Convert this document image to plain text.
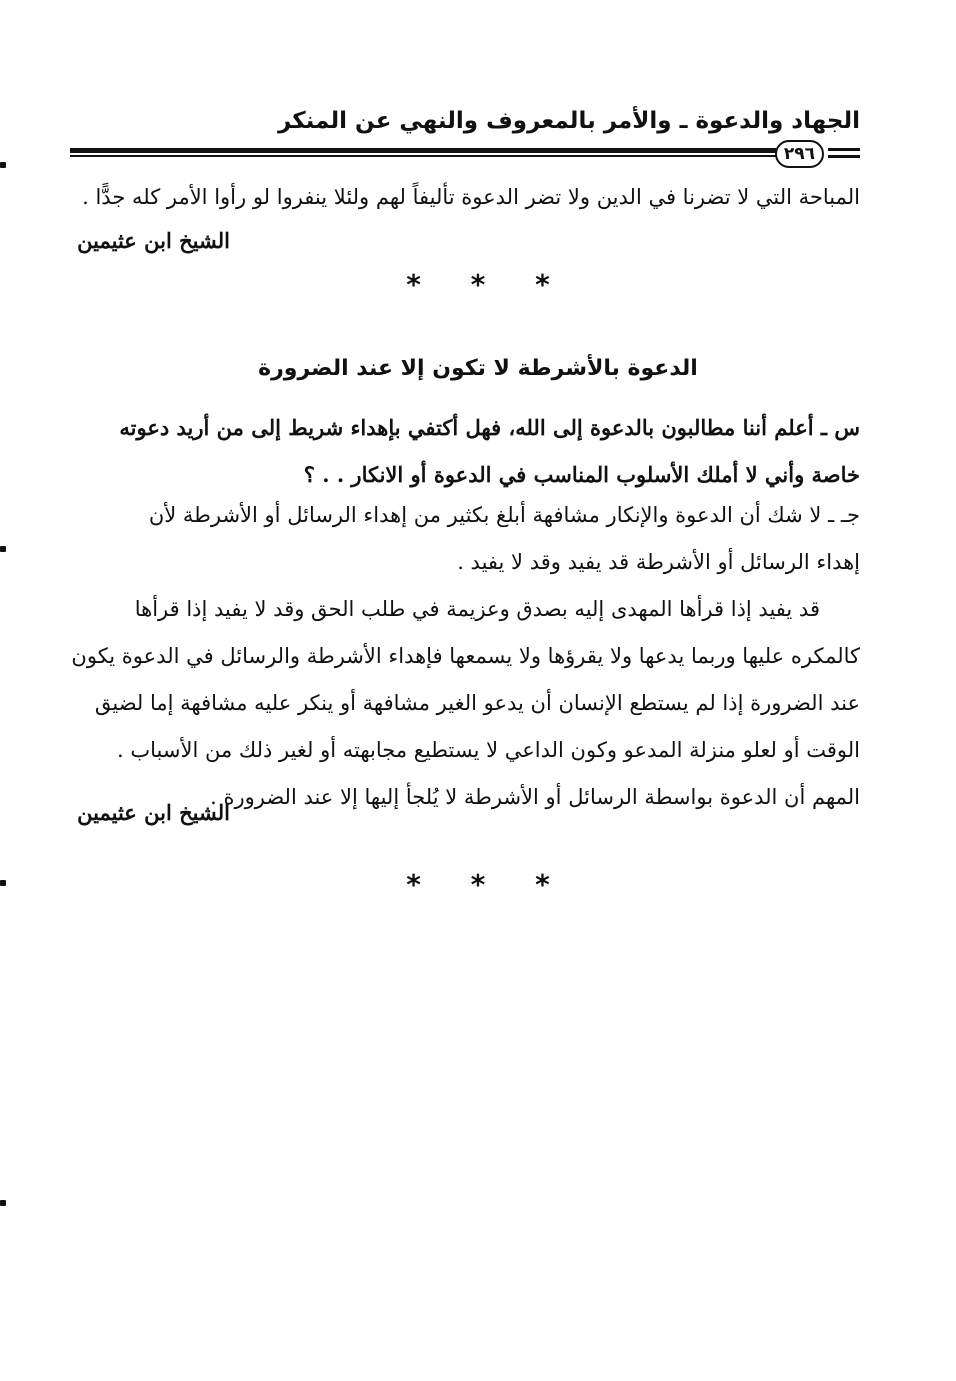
الجهاد والدعوة ـ والأمر بالمعروف والنهي عن المنكر
٢٩٦
المباحة التي لا تضرنا في الدين ولا تضر الدعوة تأليفاً لهم ولئلا ينفروا لو رأوا الأمر كله جدًّا .
الشيخ ابن عثيمين
* * *
الدعوة بالأشرطة لا تكون إلا عند الضرورة
س ـ أعلم أننا مطالبون بالدعوة إلى الله، فهل أكتفي بإهداء شريط إلى من أريد دعوته
خاصة وأني لا أملك الأسلوب المناسب في الدعوة أو الانكار . . ؟
جـ ـ لا شك أن الدعوة والإنكار مشافهة أبلغ بكثير من إهداء الرسائل أو الأشرطة لأن
إهداء الرسائل أو الأشرطة قد يفيد وقد لا يفيد .
قد يفيد إذا قرأها المهدى إليه بصدق وعزيمة في طلب الحق وقد لا يفيد إذا قرأها
كالمكره عليها وربما يدعها ولا يقرؤها ولا يسمعها فإهداء الأشرطة والرسائل في الدعوة يكون
عند الضرورة إذا لم يستطع الإنسان أن يدعو الغير مشافهة أو ينكر عليه مشافهة إما لضيق
الوقت أو لعلو منزلة المدعو وكون الداعي لا يستطيع مجابهته أو لغير ذلك من الأسباب .
المهم أن الدعوة بواسطة الرسائل أو الأشرطة لا يُلجأ إليها إلا عند الضرورة .
الشيخ ابن عثيمين
* * *
